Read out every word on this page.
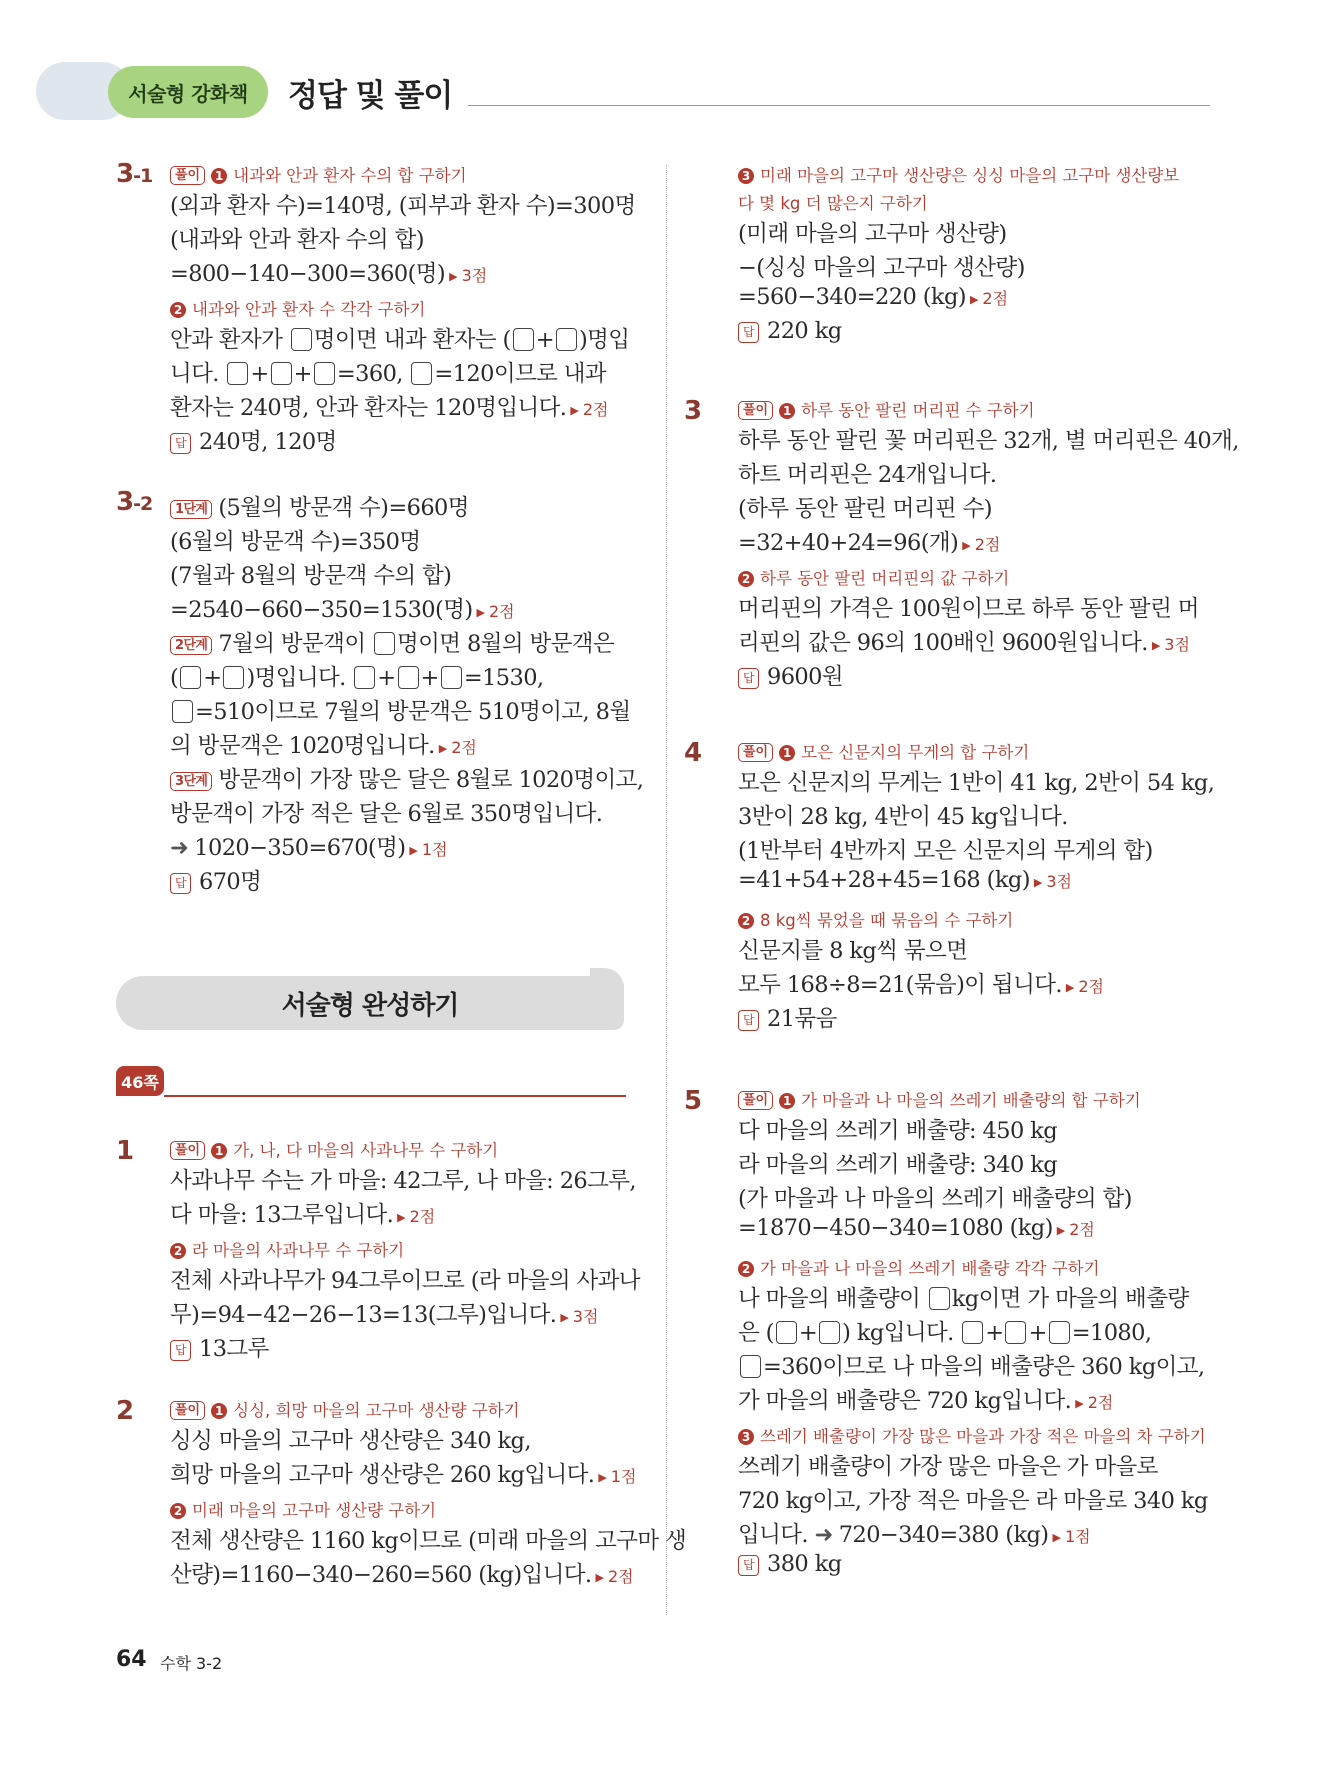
서술형 강화책	정답 및 풀이
3-1	풀이 1 내과와 안과 환자 수의 합 구하기
(외과 환자 수)=140명, (피부과 환자 수)=300명
(내과와 안과 환자 수의 합)
=800−140−300=360(명) ▶ 3점
2 내과와 안과 환자 수 각각 구하기
안과 환자가 명이면 내과 환자는 ( + )명입
니다. + + =360, =120이므로 내과
환자는 240명, 안과 환자는 120명입니다. ▶ 2점
답 240명, 120명
3-2	1단계 (5월의 방문객 수)=660명
(6월의 방문객 수)=350명
(7월과 8월의 방문객 수의 합)
=2540−660−350=1530(명) ▶ 2점
2단계 7월의 방문객이 명이면 8월의 방문객은
( + )명입니다. + + =1530,
=510이므로 7월의 방문객은 510명이고, 8월
의 방문객은 1020명입니다. ▶ 2점
3단계 방문객이 가장 많은 달은 8월로 1020명이고,
방문객이 가장 적은 달은 6월로 350명입니다.
➜ 1020−350=670(명) ▶ 1점
답 670명
서술형 완성하기
46쪽
1	풀이 1 가, 나, 다 마을의 사과나무 수 구하기
사과나무 수는 가 마을: 42그루, 나 마을: 26그루,
다 마을: 13그루입니다. ▶ 2점
2 라 마을의 사과나무 수 구하기
전체 사과나무가 94그루이므로 (라 마을의 사과나
무)=94−42−26−13=13(그루)입니다. ▶ 3점
답 13그루
2	풀이 1 싱싱, 희망 마을의 고구마 생산량 구하기
싱싱 마을의 고구마 생산량은 340 kg,
희망 마을의 고구마 생산량은 260 kg입니다. ▶ 1점
2 미래 마을의 고구마 생산량 구하기
전체 생산량은 1160 kg이므로 (미래 마을의 고구마 생
산량)=1160−340−260=560 (kg)입니다. ▶ 2점
3 미래 마을의 고구마 생산량은 싱싱 마을의 고구마 생산량보
다 몇 kg 더 많은지 구하기
(미래 마을의 고구마 생산량)
−(싱싱 마을의 고구마 생산량)
=560−340=220 (kg) ▶ 2점
답 220 kg
3	풀이 1 하루 동안 팔린 머리핀 수 구하기
하루 동안 팔린 꽃 머리핀은 32개, 별 머리핀은 40개,
하트 머리핀은 24개입니다.
(하루 동안 팔린 머리핀 수)
=32+40+24=96(개) ▶ 2점
2 하루 동안 팔린 머리핀의 값 구하기
머리핀의 가격은 100원이므로 하루 동안 팔린 머
리핀의 값은 96의 100배인 9600원입니다. ▶ 3점
답 9600원
4	풀이 1 모은 신문지의 무게의 합 구하기
모은 신문지의 무게는 1반이 41 kg, 2반이 54 kg,
3반이 28 kg, 4반이 45 kg입니다.
(1반부터 4반까지 모은 신문지의 무게의 합)
=41+54+28+45=168 (kg) ▶ 3점
2 8 kg씩 묶었을 때 묶음의 수 구하기
신문지를 8 kg씩 묶으면
모두 168÷8=21(묶음)이 됩니다. ▶ 2점
답 21묶음
5	풀이 1 가 마을과 나 마을의 쓰레기 배출량의 합 구하기
다 마을의 쓰레기 배출량: 450 kg
라 마을의 쓰레기 배출량: 340 kg
(가 마을과 나 마을의 쓰레기 배출량의 합)
=1870−450−340=1080 (kg) ▶ 2점
2 가 마을과 나 마을의 쓰레기 배출량 각각 구하기
나 마을의 배출량이 kg이면 가 마을의 배출량
은 ( + ) kg입니다. + + =1080,
=360이므로 나 마을의 배출량은 360 kg이고,
가 마을의 배출량은 720 kg입니다. ▶ 2점
3 쓰레기 배출량이 가장 많은 마을과 가장 적은 마을의 차 구하기
쓰레기 배출량이 가장 많은 마을은 가 마을로
720 kg이고, 가장 적은 마을은 라 마을로 340 kg
입니다. ➜ 720−340=380 (kg) ▶ 1점
답 380 kg
64 수학 3-2
